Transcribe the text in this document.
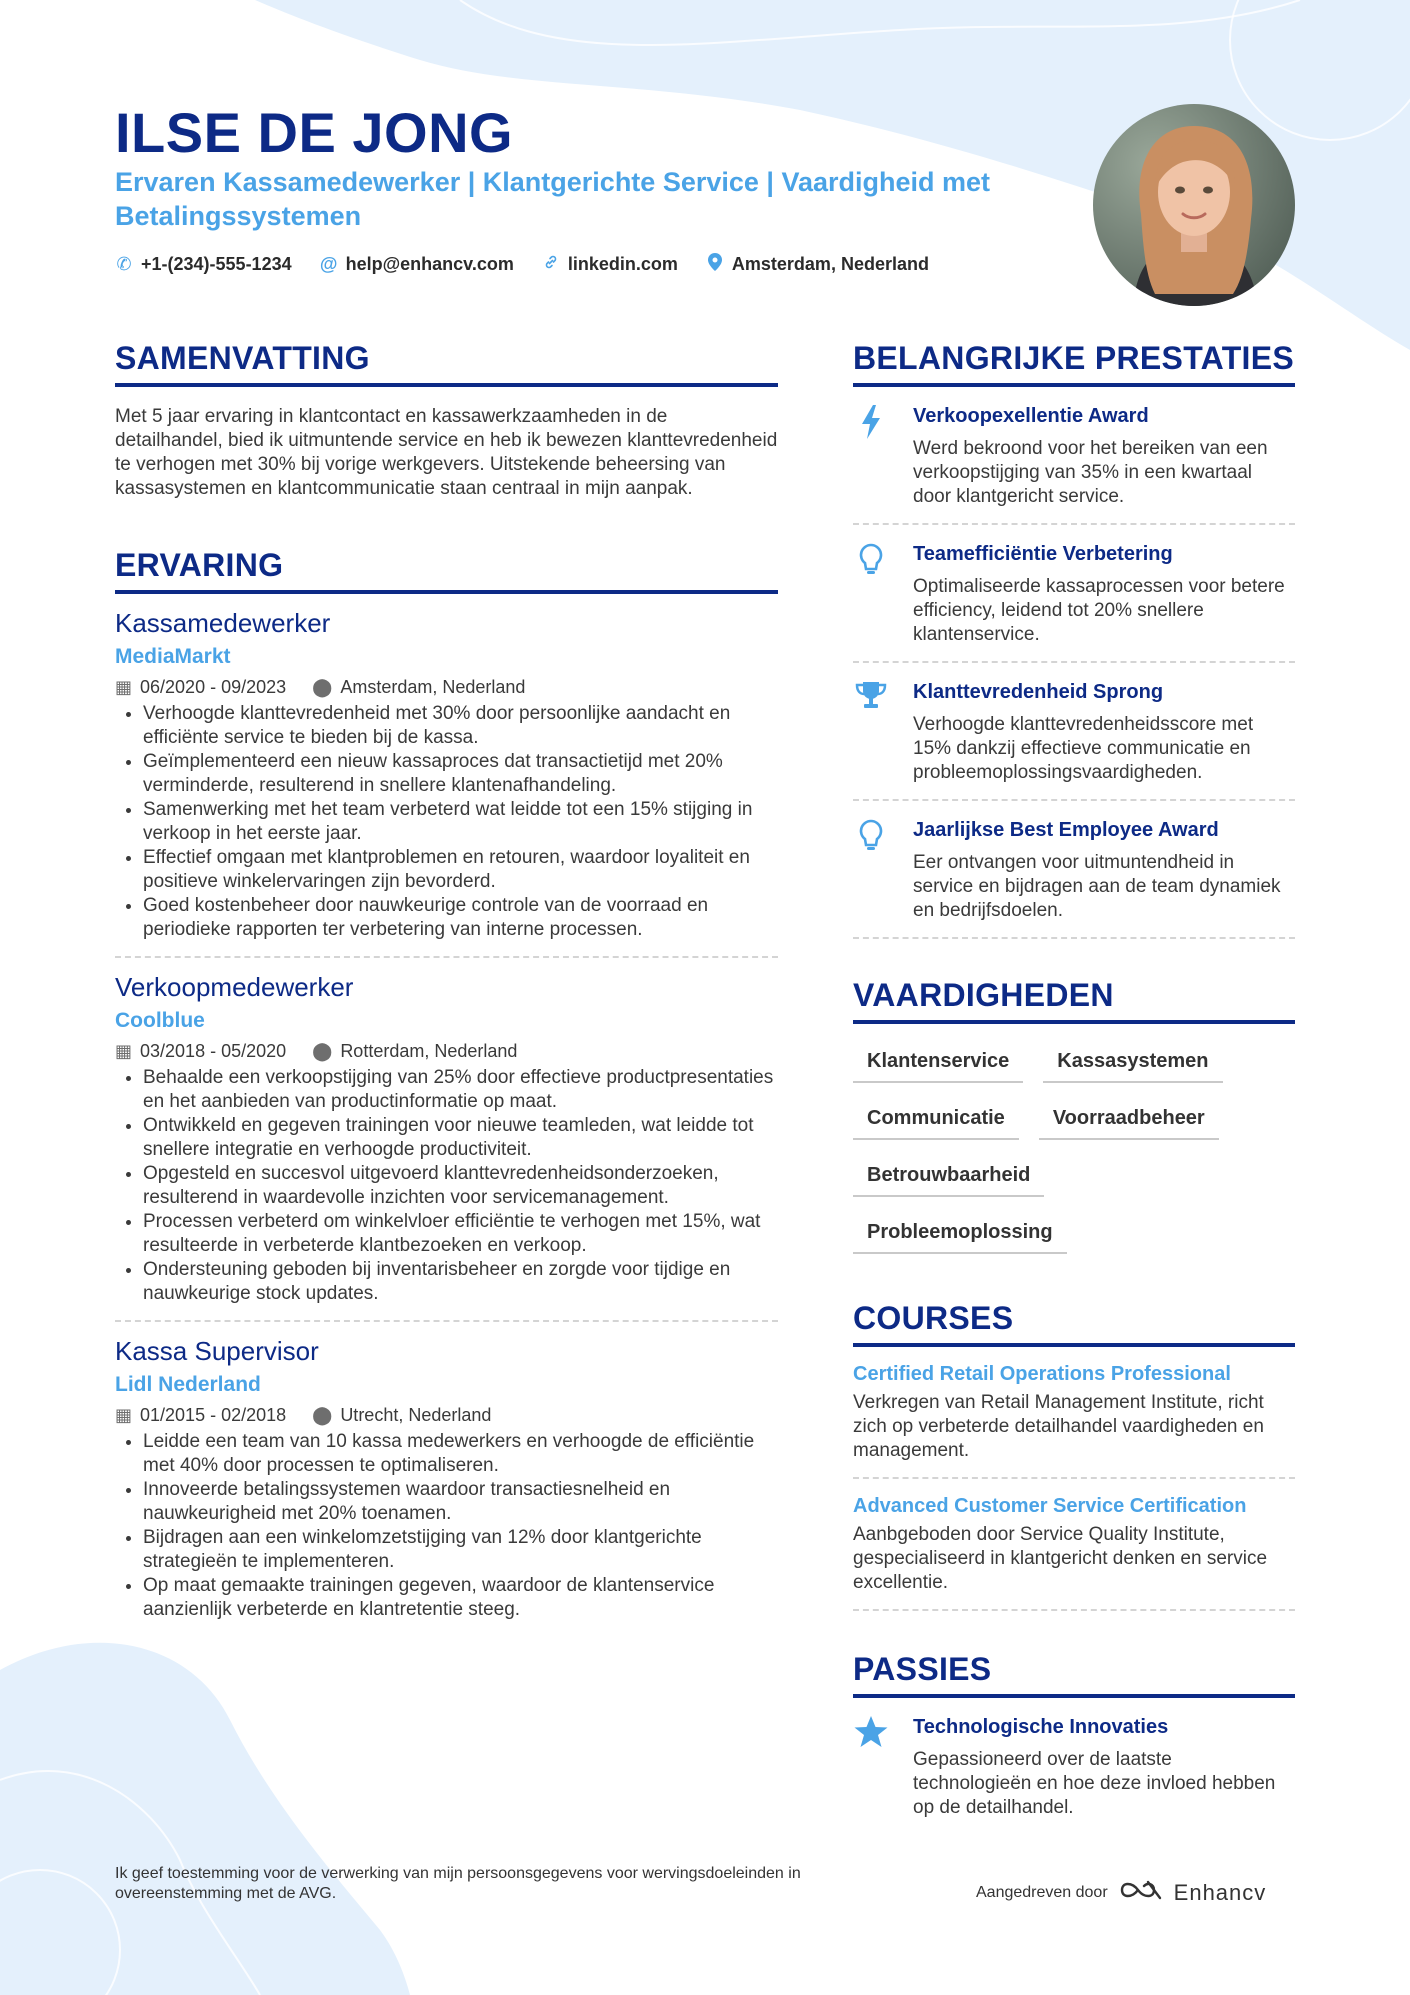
ILSE DE JONG
Ervaren Kassamedewerker | Klantgerichte Service | Vaardigheid met Betalingssystemen
✆ +1-(234)-555-1234 @ help@enhancv.com	linkedin.com	Amsterdam, Nederland
SAMENVATTING
Met 5 jaar ervaring in klantcontact en kassawerkzaamheden in de detailhandel, bied ik uitmuntende service en heb ik bewezen klanttevredenheid te verhogen met 30% bij vorige werkgevers. Uitstekende beheersing van kassasystemen en klantcommunicatie staan centraal in mijn aanpak.
ERVARING
Kassamedewerker
MediaMarkt
▦ 06/2020 - 09/2023 ⬤ Amsterdam, Nederland
• Verhoogde klanttevredenheid met 30% door persoonlijke aandacht en efficiënte service te bieden bij de kassa.
• Geïmplementeerd een nieuw kassaproces dat transactietijd met 20% verminderde, resulterend in snellere klantenafhandeling.
• Samenwerking met het team verbeterd wat leidde tot een 15% stijging in verkoop in het eerste jaar.
• Effectief omgaan met klantproblemen en retouren, waardoor loyaliteit en positieve winkelervaringen zijn bevorderd.
• Goed kostenbeheer door nauwkeurige controle van de voorraad en periodieke rapporten ter verbetering van interne processen.
Verkoopmedewerker
Coolblue
▦ 03/2018 - 05/2020 ⬤ Rotterdam, Nederland
• Behaalde een verkoopstijging van 25% door effectieve productpresentaties en het aanbieden van productinformatie op maat.
• Ontwikkeld en gegeven trainingen voor nieuwe teamleden, wat leidde tot snellere integratie en verhoogde productiviteit.
• Opgesteld en succesvol uitgevoerd klanttevredenheidsonderzoeken, resulterend in waardevolle inzichten voor servicemanagement.
• Processen verbeterd om winkelvloer efficiëntie te verhogen met 15%, wat resulteerde in verbeterde klantbezoeken en verkoop.
• Ondersteuning geboden bij inventarisbeheer en zorgde voor tijdige en nauwkeurige stock updates.
Kassa Supervisor
Lidl Nederland
▦ 01/2015 - 02/2018 ⬤ Utrecht, Nederland
• Leidde een team van 10 kassa medewerkers en verhoogde de efficiëntie met 40% door processen te optimaliseren.
• Innoveerde betalingssystemen waardoor transactiesnelheid en nauwkeurigheid met 20% toenamen.
• Bijdragen aan een winkelomzetstijging van 12% door klantgerichte strategieën te implementeren.
• Op maat gemaakte trainingen gegeven, waardoor de klantenservice aanzienlijk verbeterde en klantretentie steeg.
BELANGRIJKE PRESTATIES
Verkoopexellentie Award
Werd bekroond voor het bereiken van een verkoopstijging van 35% in een kwartaal door klantgericht service.
Teamefficiëntie Verbetering
Optimaliseerde kassaprocessen voor betere efficiency, leidend tot 20% snellere klantenservice.
Klanttevredenheid Sprong
Verhoogde klanttevredenheidsscore met 15% dankzij effectieve communicatie en probleemoplossingsvaardigheden.
Jaarlijkse Best Employee Award
Eer ontvangen voor uitmuntendheid in service en bijdragen aan de team dynamiek en bedrijfsdoelen.
VAARDIGHEDEN
Klantenservice	Kassasystemen
Communicatie	Voorraadbeheer
Betrouwbaarheid
Probleemoplossing
COURSES
Certified Retail Operations Professional
Verkregen van Retail Management Institute, richt zich op verbeterde detailhandel vaardigheden en management.
Advanced Customer Service Certification
Aanbgeboden door Service Quality Institute, gespecialiseerd in klantgericht denken en service excellentie.
PASSIES
Technologische Innovaties
Gepassioneerd over de laatste technologieën en hoe deze invloed hebben op de detailhandel.
Ik geef toestemming voor de verwerking van mijn persoonsgegevens voor wervingsdoeleinden in overeenstemming met de AVG.	Aangedreven door	Enhancv
